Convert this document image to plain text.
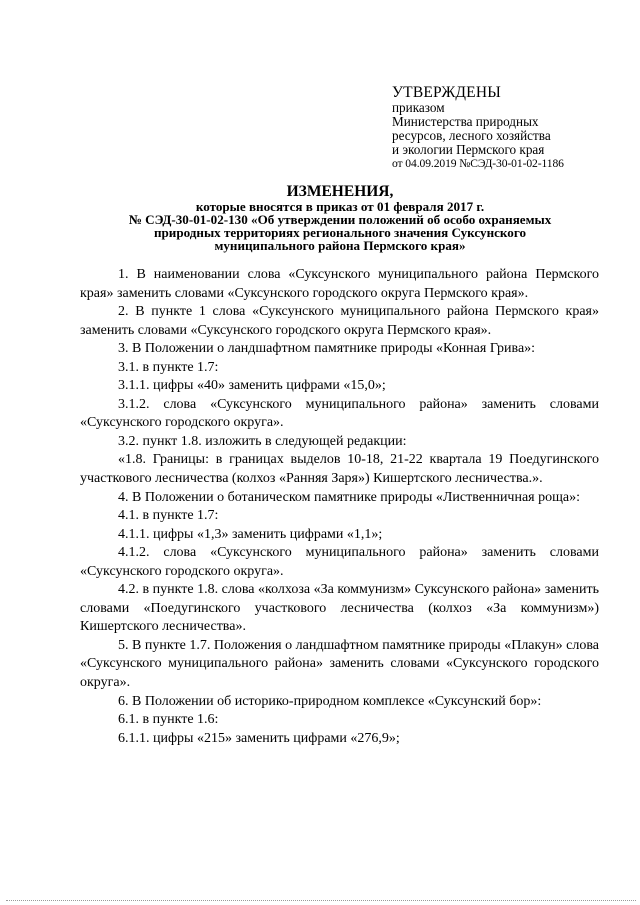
УТВЕРЖДЕНЫ
приказом
Министерства природных
ресурсов, лесного хозяйства
и экологии Пермского края
от 04.09.2019 №СЭД-30-01-02-1186
ИЗМЕНЕНИЯ,
которые вносятся в приказ от 01 февраля 2017 г.
№ СЭД-30-01-02-130 «Об утверждении положений об особо охраняемых
природных территориях регионального значения Суксунского
муниципального района Пермского края»

1. В наименовании слова «Суксунского муниципального района Пермского края» заменить словами «Суксунского городского округа Пермского края».

2. В пункте 1 слова «Суксунского муниципального района Пермского края» заменить словами «Суксунского городского округа Пермского края».

3. В Положении о ландшафтном памятнике природы «Конная Грива»:

3.1. в пункте 1.7:

3.1.1. цифры «40» заменить цифрами «15,0»;

3.1.2. слова «Суксунского муниципального района» заменить словами «Суксунского городского округа».

3.2. пункт 1.8. изложить в следующей редакции:

«1.8. Границы: в границах выделов 10-18, 21-22 квартала 19 Поедугинского участкового лесничества (колхоз «Ранняя Заря») Кишертского лесничества.».

4. В Положении о ботаническом памятнике природы «Лиственничная роща»:

4.1. в пункте 1.7:

4.1.1. цифры «1,3» заменить цифрами «1,1»;

4.1.2. слова «Суксунского муниципального района» заменить словами «Суксунского городского округа».

4.2. в пункте 1.8. слова «колхоза «За коммунизм» Суксунского района» заменить словами «Поедугинского участкового лесничества (колхоз «За коммунизм») Кишертского лесничества».

5. В пункте 1.7. Положения о ландшафтном памятнике природы «Плакун» слова «Суксунского муниципального района» заменить словами «Суксунского городского округа».

6. В Положении об историко-природном комплексе «Суксунский бор»:

6.1. в пункте 1.6:

6.1.1. цифры «215» заменить цифрами «276,9»;
